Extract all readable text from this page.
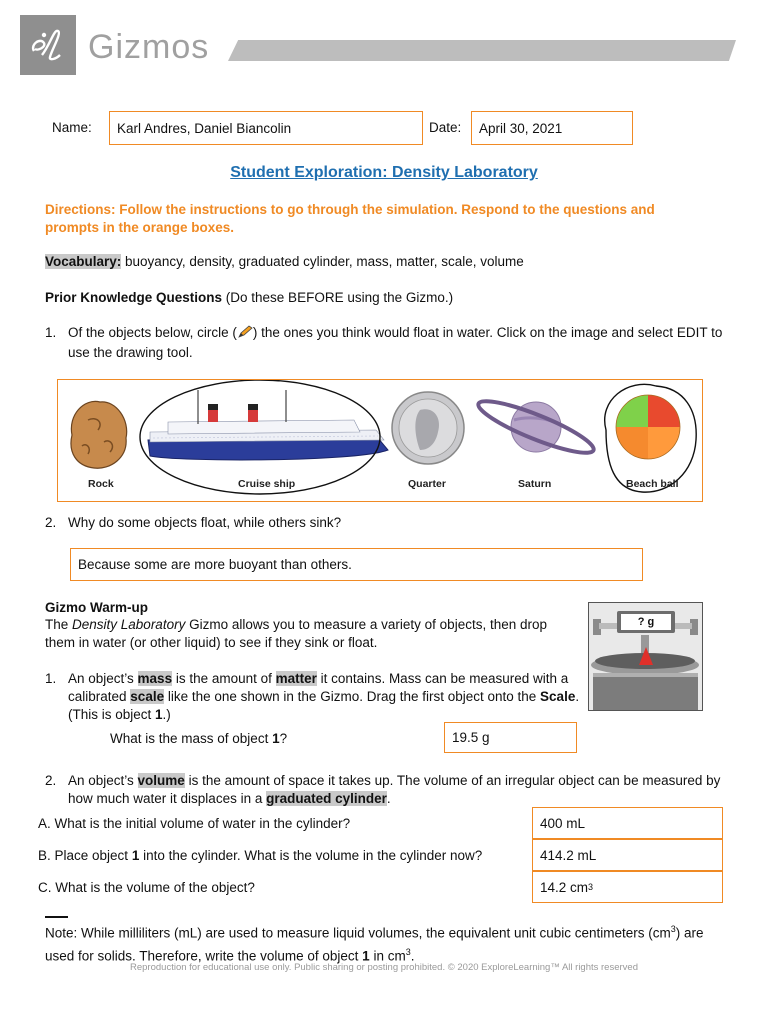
Gizmos
Name:	Karl Andres, Daniel Biancolin	Date:	April 30, 2021
Student Exploration: Density Laboratory
Directions: Follow the instructions to go through the simulation. Respond to the questions and prompts in the orange boxes.
Vocabulary: buoyancy, density, graduated cylinder, mass, matter, scale, volume
Prior Knowledge Questions (Do these BEFORE using the Gizmo.)
1. Of the objects below, circle ( ) the ones you think would float in water. Click on the image and select EDIT to use the drawing tool.
Rock	Cruise ship	Quarter	Saturn	Beach ball
2. Why do some objects float, while others sink?
Because some are more buoyant than others.
Gizmo Warm-up
The Density Laboratory Gizmo allows you to measure a variety of objects, then drop them in water (or other liquid) to see if they sink or float.
? g
1. An object’s mass is the amount of matter it contains. Mass can be measured with a calibrated scale like the one shown in the Gizmo. Drag the first object onto the Scale. (This is object 1.)
What is the mass of object 1?	19.5 g
2. An object’s volume is the amount of space it takes up. The volume of an irregular object can be measured by how much water it displaces in a graduated cylinder.
A. What is the initial volume of water in the cylinder?	400 mL
B. Place object 1 into the cylinder. What is the volume in the cylinder now?	414.2 mL
C. What is the volume of the object?	14.2 cm 3
Note: While milliliters (mL) are used to measure liquid volumes, the equivalent unit cubic centimeters $(cm^3)$ are used for solids. Therefore, write the volume of object 1 in $cm^3$.
Reproduction for educational use only. Public sharing or posting prohibited. © 2020 ExploreLearning™ All rights reserved
